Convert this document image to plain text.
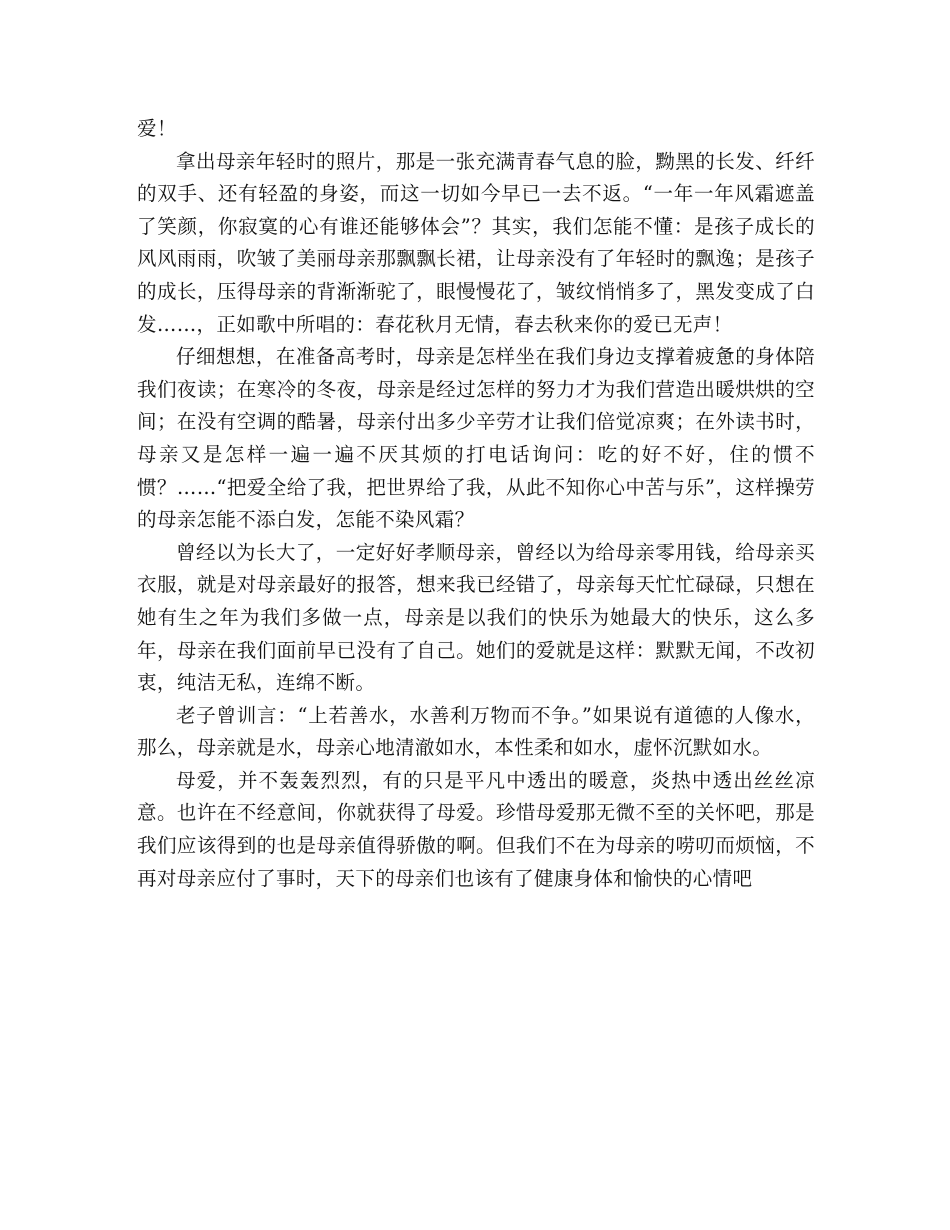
爱！

拿出母亲年轻时的照片，那是一张充满青春气息的脸，黝黑的长发、纤纤的双手、还有轻盈的身姿，而这一切如今早已一去不返。“一年一年风霜遮盖了笑颜，你寂寞的心有谁还能够体会”？其实，我们怎能不懂：是孩子成长的风风雨雨，吹皱了美丽母亲那飘飘长裙，让母亲没有了年轻时的飘逸；是孩子的成长，压得母亲的背渐渐驼了，眼慢慢花了，皱纹悄悄多了，黑发变成了白发……，正如歌中所唱的：春花秋月无情，春去秋来你的爱已无声！

仔细想想，在准备高考时，母亲是怎样坐在我们身边支撑着疲惫的身体陪我们夜读；在寒冷的冬夜，母亲是经过怎样的努力才为我们营造出暖烘烘的空间；在没有空调的酷暑，母亲付出多少辛劳才让我们倍觉凉爽；在外读书时，母亲又是怎样一遍一遍不厌其烦的打电话询问：吃的好不好，住的惯不惯？……“把爱全给了我，把世界给了我，从此不知你心中苦与乐”，这样操劳的母亲怎能不添白发，怎能不染风霜？

曾经以为长大了，一定好好孝顺母亲，曾经以为给母亲零用钱，给母亲买衣服，就是对母亲最好的报答，想来我已经错了，母亲每天忙忙碌碌，只想在她有生之年为我们多做一点，母亲是以我们的快乐为她最大的快乐，这么多年，母亲在我们面前早已没有了自己。她们的爱就是这样：默默无闻，不改初衷，纯洁无私，连绵不断。

老子曾训言：“上若善水，水善利万物而不争。”如果说有道德的人像水，那么，母亲就是水，母亲心地清澈如水，本性柔和如水，虚怀沉默如水。

母爱，并不轰轰烈烈，有的只是平凡中透出的暖意，炎热中透出丝丝凉意。也许在不经意间，你就获得了母爱。珍惜母爱那无微不至的关怀吧，那是我们应该得到的也是母亲值得骄傲的啊。但我们不在为母亲的唠叨而烦恼，不再对母亲应付了事时，天下的母亲们也该有了健康身体和愉快的心情吧
